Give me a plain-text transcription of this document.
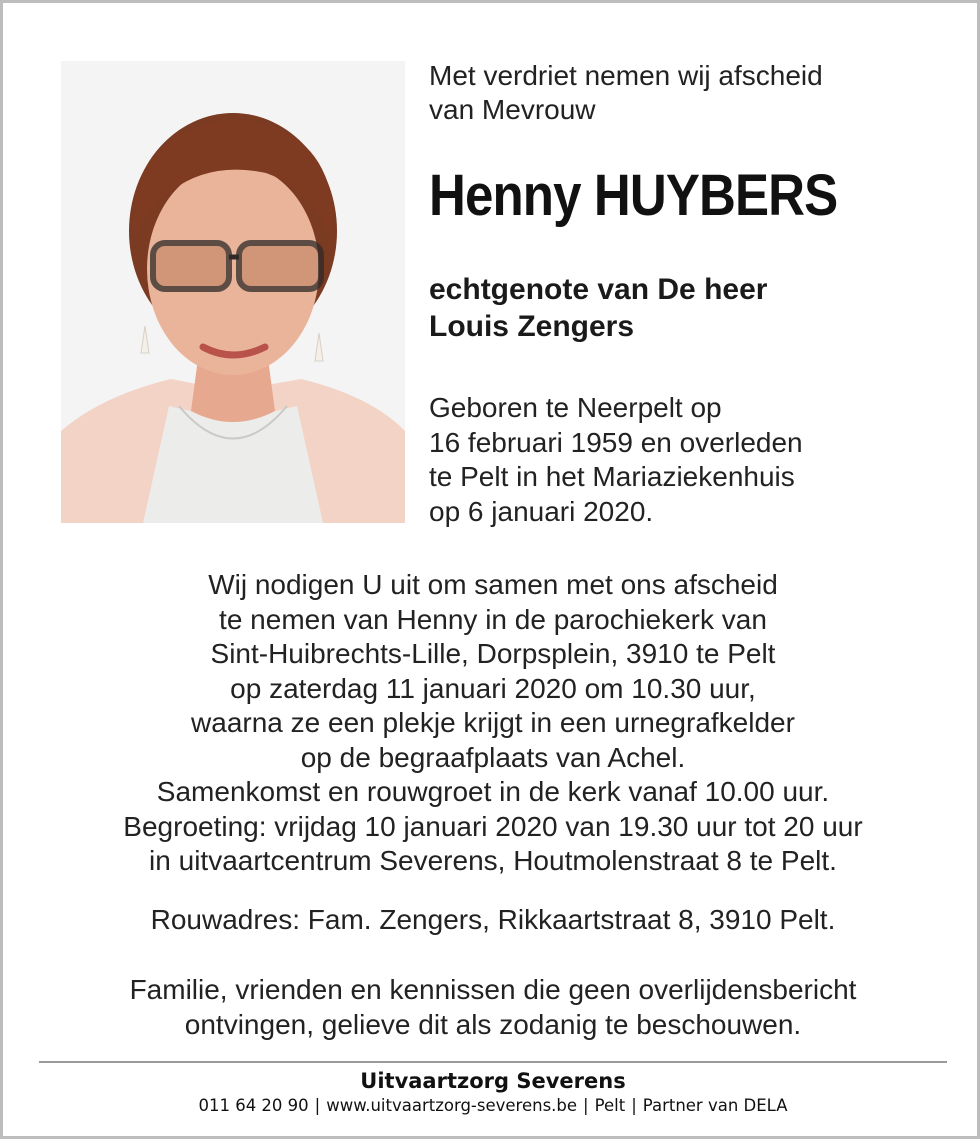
Met verdriet nemen wij afscheid
van Mevrouw
Henny HUYBERS
echtgenote van De heer
Louis Zengers
Geboren te Neerpelt op
16 februari 1959 en overleden
te Pelt in het Mariaziekenhuis
op 6 januari 2020.
Wij nodigen U uit om samen met ons afscheid
te nemen van Henny in de parochiekerk van
Sint-Huibrechts-Lille, Dorpsplein, 3910 te Pelt
op zaterdag 11 januari 2020 om 10.30 uur,
waarna ze een plekje krijgt in een urnegrafkelder
op de begraafplaats van Achel.
Samenkomst en rouwgroet in de kerk vanaf 10.00 uur.
Begroeting: vrijdag 10 januari 2020 van 19.30 uur tot 20 uur
in uitvaartcentrum Severens, Houtmolenstraat 8 te Pelt.
Rouwadres: Fam. Zengers, Rikkaartstraat 8, 3910 Pelt.
Familie, vrienden en kennissen die geen overlijdensbericht
ontvingen, gelieve dit als zodanig te beschouwen.
Uitvaartzorg Severens
011 64 20 90 | www.uitvaartzorg-severens.be | Pelt | Partner van DELA
